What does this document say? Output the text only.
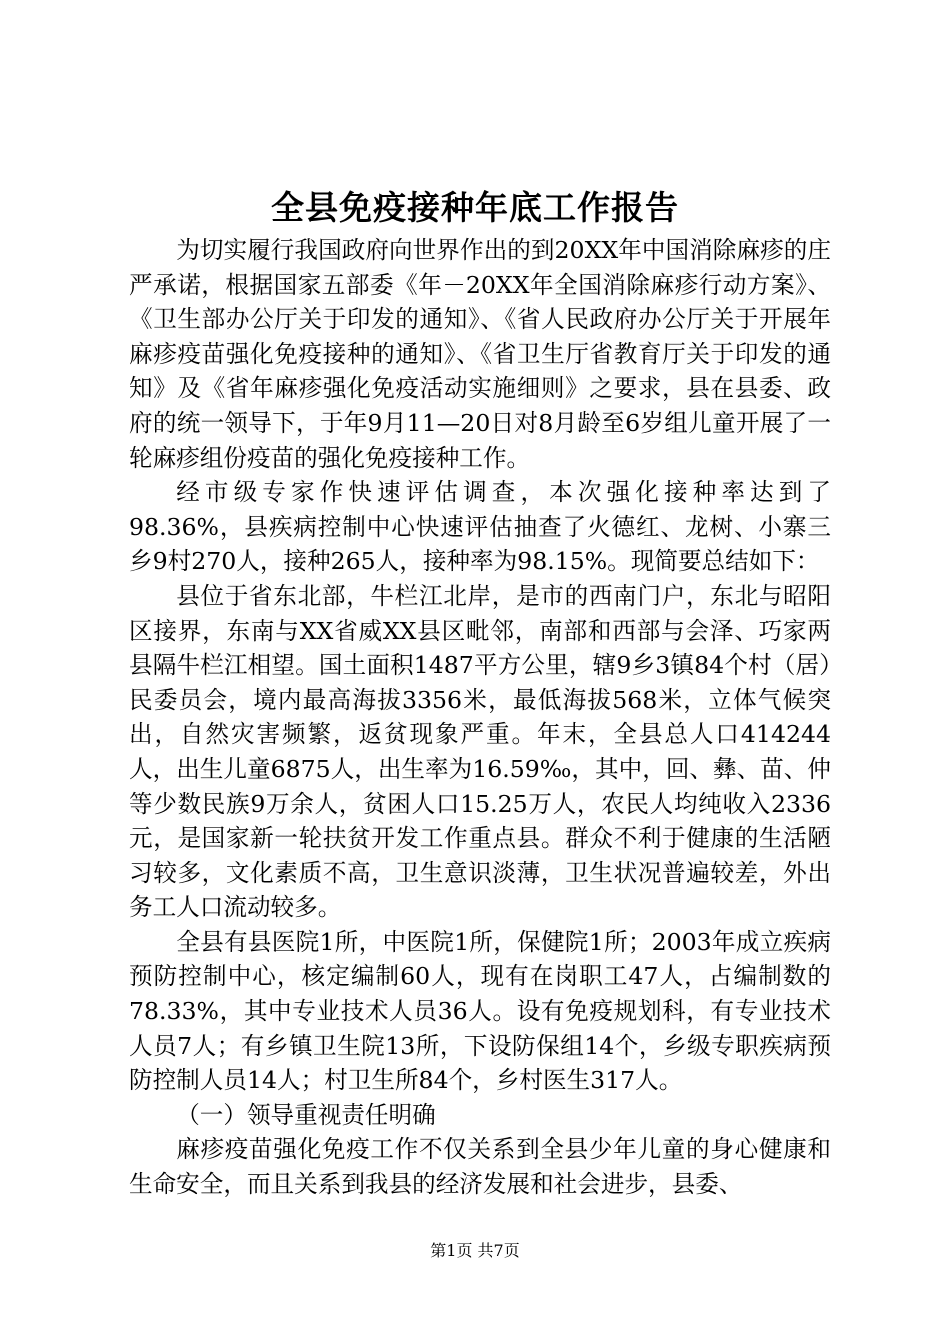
全县免疫接种年底工作报告

为切实履行我国政府向世界作出的到20XX年中国消除麻疹的庄严承诺，根据国家五部委《年－20XX年全国消除麻疹行动方案》、《卫生部办公厅关于印发的通知》、《省人民政府办公厅关于开展年麻疹疫苗强化免疫接种的通知》、《省卫生厅省教育厅关于印发的通知》及《省年麻疹强化免疫活动实施细则》之要求，县在县委、政府的统一领导下，于年9月11—20日对8月龄至6岁组儿童开展了一轮麻疹组份疫苗的强化免疫接种工作。

经市级专家作快速评估调查，本次强化接种率达到了98.36%，县疾病控制中心快速评估抽查了火德红、龙树、小寨三乡9村270人，接种265人，接种率为98.15%。现简要总结如下：

县位于省东北部，牛栏江北岸，是市的西南门户，东北与昭阳区接界，东南与XX省威XX县区毗邻，南部和西部与会泽、巧家两县隔牛栏江相望。国土面积1487平方公里，辖9乡3镇84个村（居）民委员会，境内最高海拔3356米，最低海拔568米，立体气候突出，自然灾害频繁，返贫现象严重。年末，全县总人口414244人，出生儿童6875人，出生率为16.59‰，其中，回、彝、苗、仲等少数民族9万余人，贫困人口15.25万人，农民人均纯收入2336元，是国家新一轮扶贫开发工作重点县。群众不利于健康的生活陋习较多，文化素质不高，卫生意识淡薄，卫生状况普遍较差，外出务工人口流动较多。

全县有县医院1所，中医院1所，保健院1所；2003年成立疾病预防控制中心，核定编制60人，现有在岗职工47人，占编制数的78.33%，其中专业技术人员36人。设有免疫规划科，有专业技术人员7人；有乡镇卫生院13所，下设防保组14个，乡级专职疾病预防控制人员14人；村卫生所84个，乡村医生317人。

（一）领导重视责任明确

麻疹疫苗强化免疫工作不仅关系到全县少年儿童的身心健康和生命安全，而且关系到我县的经济发展和社会进步，县委、

第1页 共7页
